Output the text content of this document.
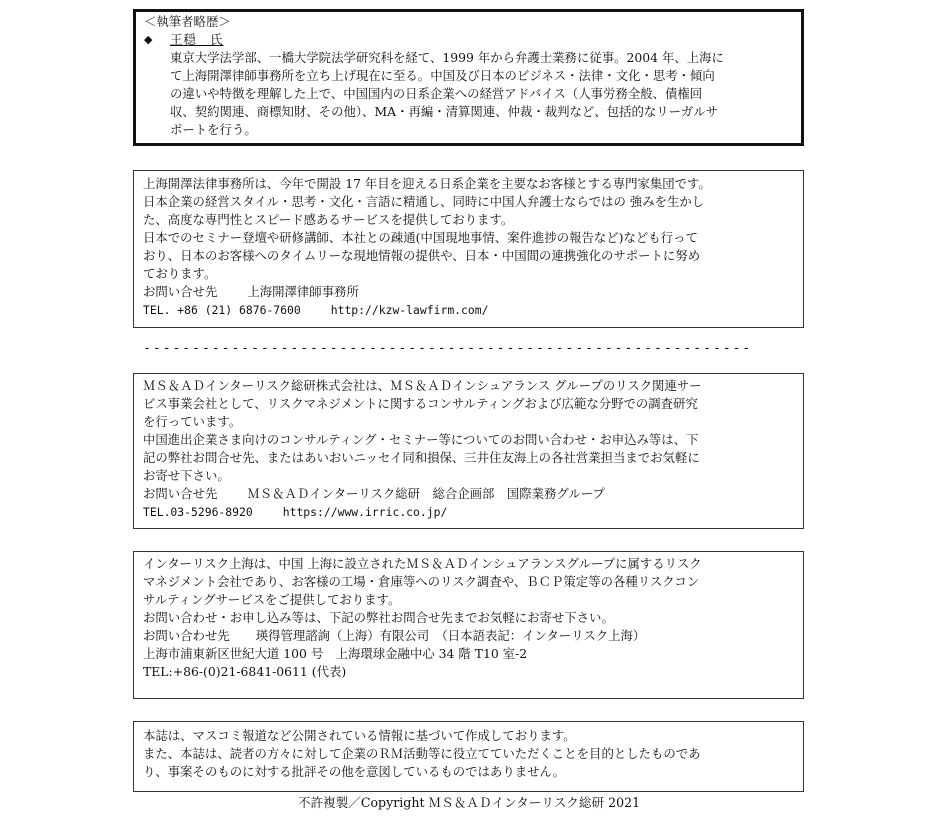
＜執筆者略歴＞

◆	王穏　氏

東京大学法学部、一橋大学院法学研究科を経て、1999 年から弁護士業務に従事。2004 年、上海に

て上海開澤律師事務所を立ち上げ現在に至る。中国及び日本のビジネス・法律・文化・思考・傾向

の違いや特徴を理解した上で、中国国内の日系企業への経営アドバイス（人事労務全般、債権回

収、契約関連、商標知財、その他）、MA・再編・清算関連、仲裁・裁判など、包括的なリーガルサ

ポートを行う。

上海開澤法律事務所は、今年で開設 17 年目を迎える日系企業を主要なお客様とする専門家集団です。

日本企業の経営スタイル・思考・文化・言語に精通し、同時に中国人弁護士ならではの 強みを生かし

た、高度な専門性とスピード感あるサービスを提供しております。

日本でのセミナー登壇や研修講師、本社との疎通(中国現地事情、案件進捗の報告など)なども行って

おり、日本のお客様へのタイムリーな現地情報の提供や、日本・中国間の連携強化のサポートに努め

ております。

お問い合せ先 上海開澤律師事務所

TEL. +86 (21) 6876-7600	http://kzw-lawfirm.com/

--------------------------------------------------------------

ＭＳ＆ＡＤインターリスク総研株式会社は、ＭＳ＆ＡＤインシュアランス グループのリスク関連サー

ビス事業会社として、リスクマネジメントに関するコンサルティングおよび広範な分野での調査研究

を行っています。

中国進出企業さま向けのコンサルティング・セミナー等についてのお問い合わせ・お申込み等は、下

記の弊社お問合せ先、またはあいおいニッセイ同和損保、三井住友海上の各社営業担当までお気軽に

お寄せ下さい。

お問い合せ先 ＭＳ＆ＡＤインターリスク総研　総合企画部　国際業務グループ

TEL.03-5296-8920	https://www.irric.co.jp/

インターリスク上海は、中国 上海に設立されたＭＳ＆ＡＤインシュアランスグループに属するリスク

マネジメント会社であり、お客様の工場・倉庫等へのリスク調査や、ＢＣＰ策定等の各種リスクコン

サルティングサービスをご提供しております。

お問い合わせ・お申し込み等は、下記の弊社お問合せ先までお気軽にお寄せ下さい。

お問い合わせ先 瑛得管理諮詢（上海）有限公司　（日本語表記：インターリスク上海）

上海市浦東新区世紀大道 100 号　上海環球金融中心 34 階 T10 室-2

TEL:+86-(0)21-6841-0611 (代表)

本誌は、マスコミ報道など公開されている情報に基づいて作成しております。

また、本誌は、読者の方々に対して企業のＲＭ活動等に役立てていただくことを目的としたものであ

り、事案そのものに対する批評その他を意図しているものではありません。

不許複製／Copyright ＭＳ＆ＡＤインターリスク総研 2021
